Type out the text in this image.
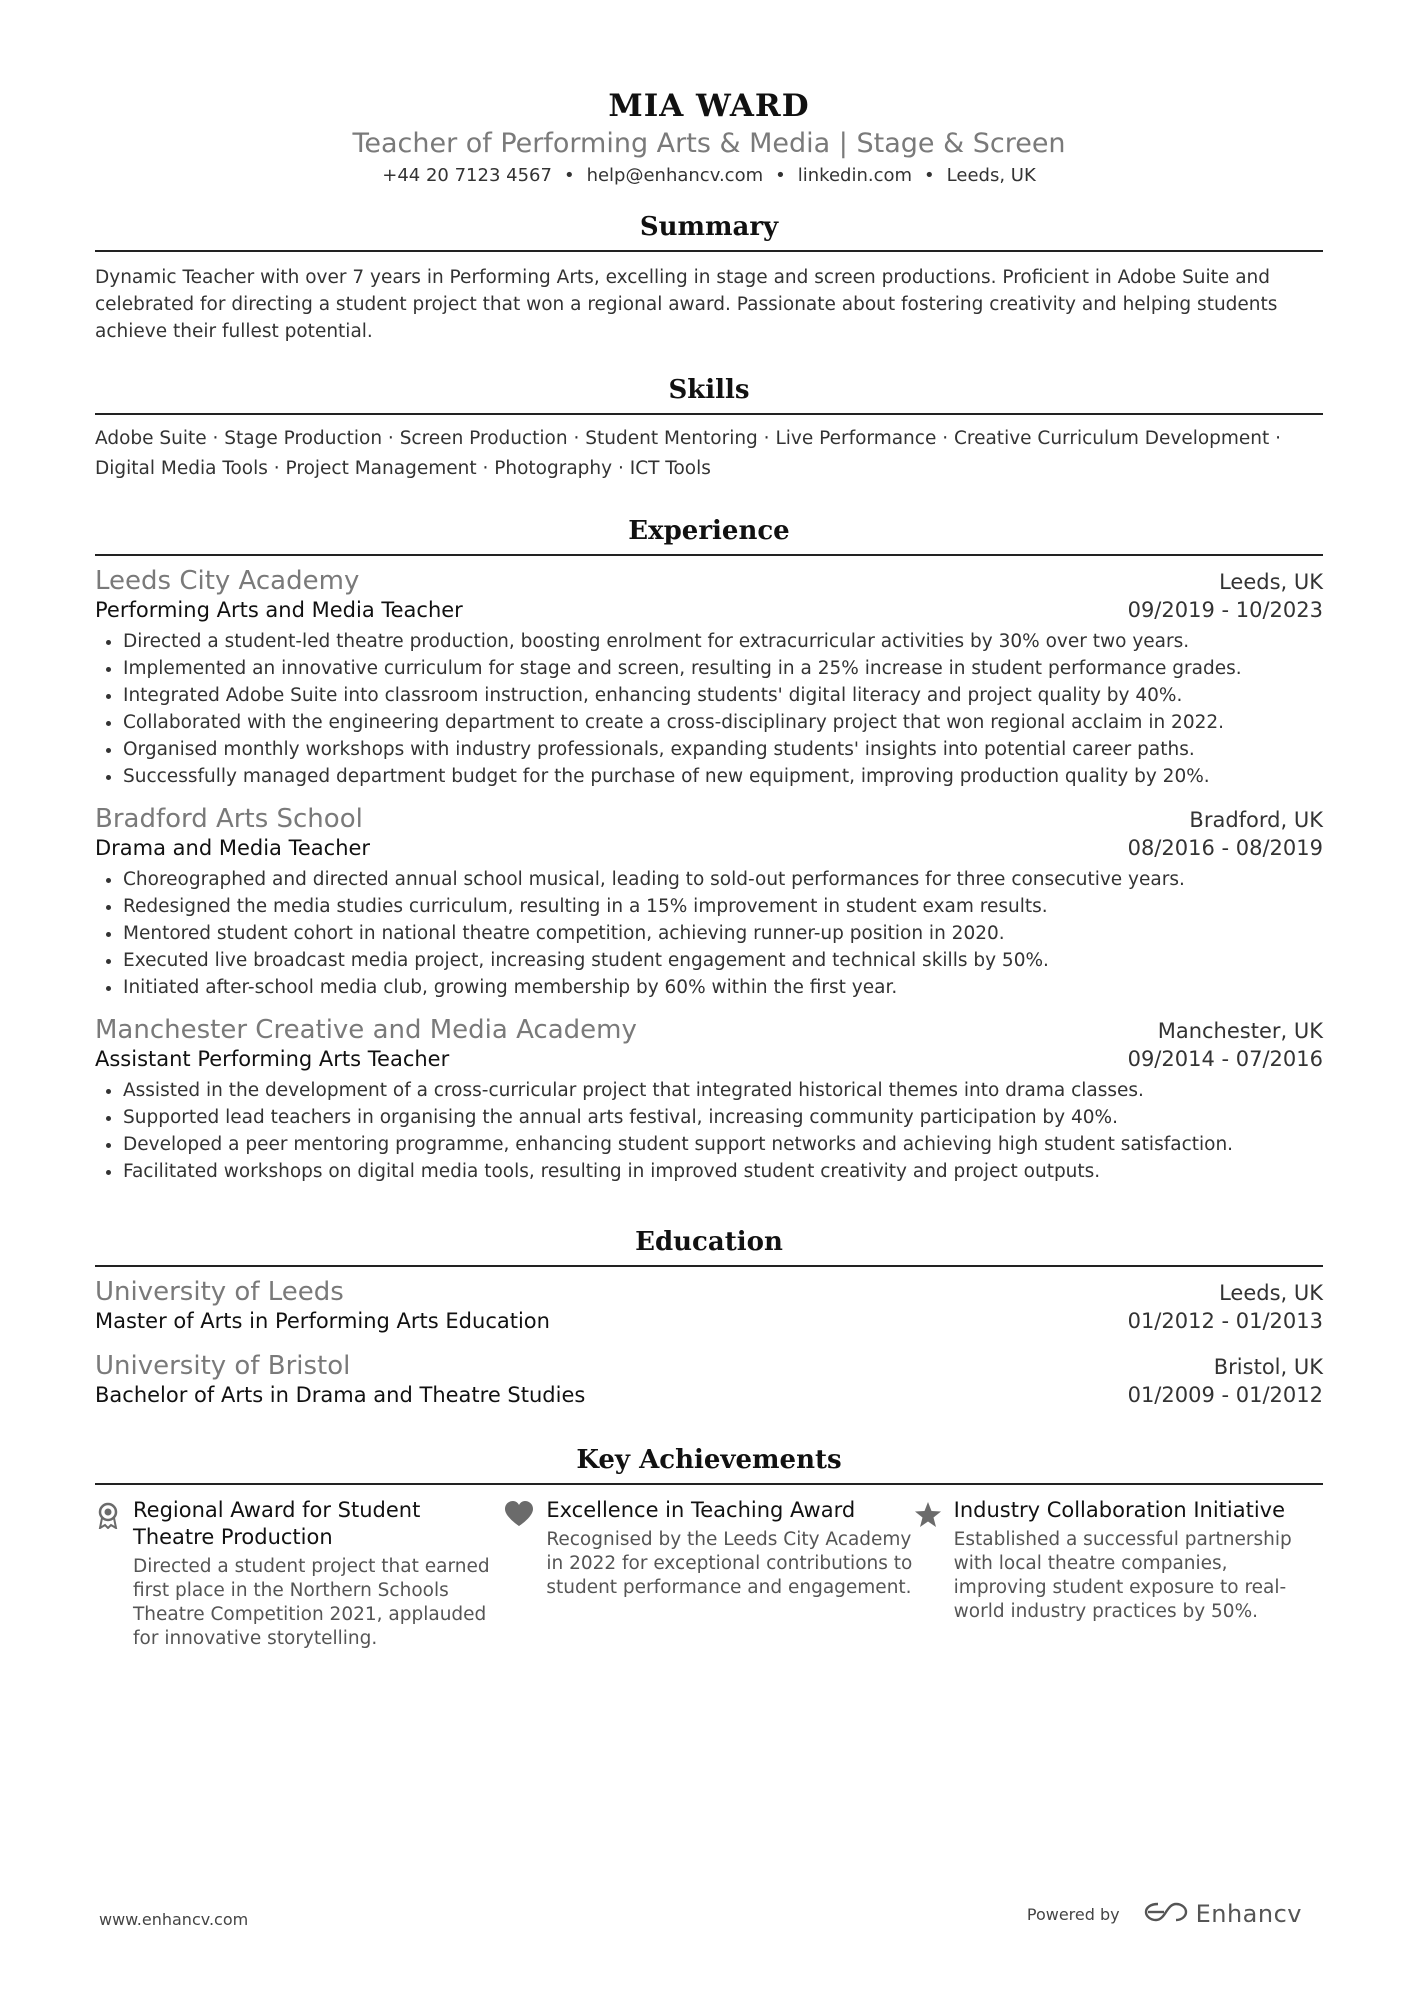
MIA WARD
Teacher of Performing Arts & Media | Stage & Screen
+44 20 7123 4567 • help@enhancv.com • linkedin.com • Leeds, UK
Summary
Dynamic Teacher with over 7 years in Performing Arts, excelling in stage and screen productions. Proficient in Adobe Suite and celebrated for directing a student project that won a regional award. Passionate about fostering creativity and helping students achieve their fullest potential.
Skills
Adobe Suite · Stage Production · Screen Production · Student Mentoring · Live Performance · Creative Curriculum Development · Digital Media Tools · Project Management · Photography · ICT Tools
Experience
Leeds City Academy	Leeds, UK
Performing Arts and Media Teacher	09/2019 - 10/2023
• Directed a student-led theatre production, boosting enrolment for extracurricular activities by 30% over two years.
• Implemented an innovative curriculum for stage and screen, resulting in a 25% increase in student performance grades.
• Integrated Adobe Suite into classroom instruction, enhancing students' digital literacy and project quality by 40%.
• Collaborated with the engineering department to create a cross-disciplinary project that won regional acclaim in 2022.
• Organised monthly workshops with industry professionals, expanding students' insights into potential career paths.
• Successfully managed department budget for the purchase of new equipment, improving production quality by 20%.
Bradford Arts School	Bradford, UK
Drama and Media Teacher	08/2016 - 08/2019
• Choreographed and directed annual school musical, leading to sold-out performances for three consecutive years.
• Redesigned the media studies curriculum, resulting in a 15% improvement in student exam results.
• Mentored student cohort in national theatre competition, achieving runner-up position in 2020.
• Executed live broadcast media project, increasing student engagement and technical skills by 50%.
• Initiated after-school media club, growing membership by 60% within the first year.
Manchester Creative and Media Academy	Manchester, UK
Assistant Performing Arts Teacher	09/2014 - 07/2016
• Assisted in the development of a cross-curricular project that integrated historical themes into drama classes.
• Supported lead teachers in organising the annual arts festival, increasing community participation by 40%.
• Developed a peer mentoring programme, enhancing student support networks and achieving high student satisfaction.
• Facilitated workshops on digital media tools, resulting in improved student creativity and project outputs.
Education
University of Leeds	Leeds, UK
Master of Arts in Performing Arts Education	01/2012 - 01/2013
University of Bristol	Bristol, UK
Bachelor of Arts in Drama and Theatre Studies	01/2009 - 01/2012
Key Achievements
Regional Award for Student Theatre Production
Directed a student project that earned first place in the Northern Schools Theatre Competition 2021, applauded for innovative storytelling.
Excellence in Teaching Award
Recognised by the Leeds City Academy in 2022 for exceptional contributions to student performance and engagement.
Industry Collaboration Initiative
Established a successful partnership with local theatre companies, improving student exposure to real-world industry practices by 50%.
www.enhancv.com	Powered by	Enhancv
